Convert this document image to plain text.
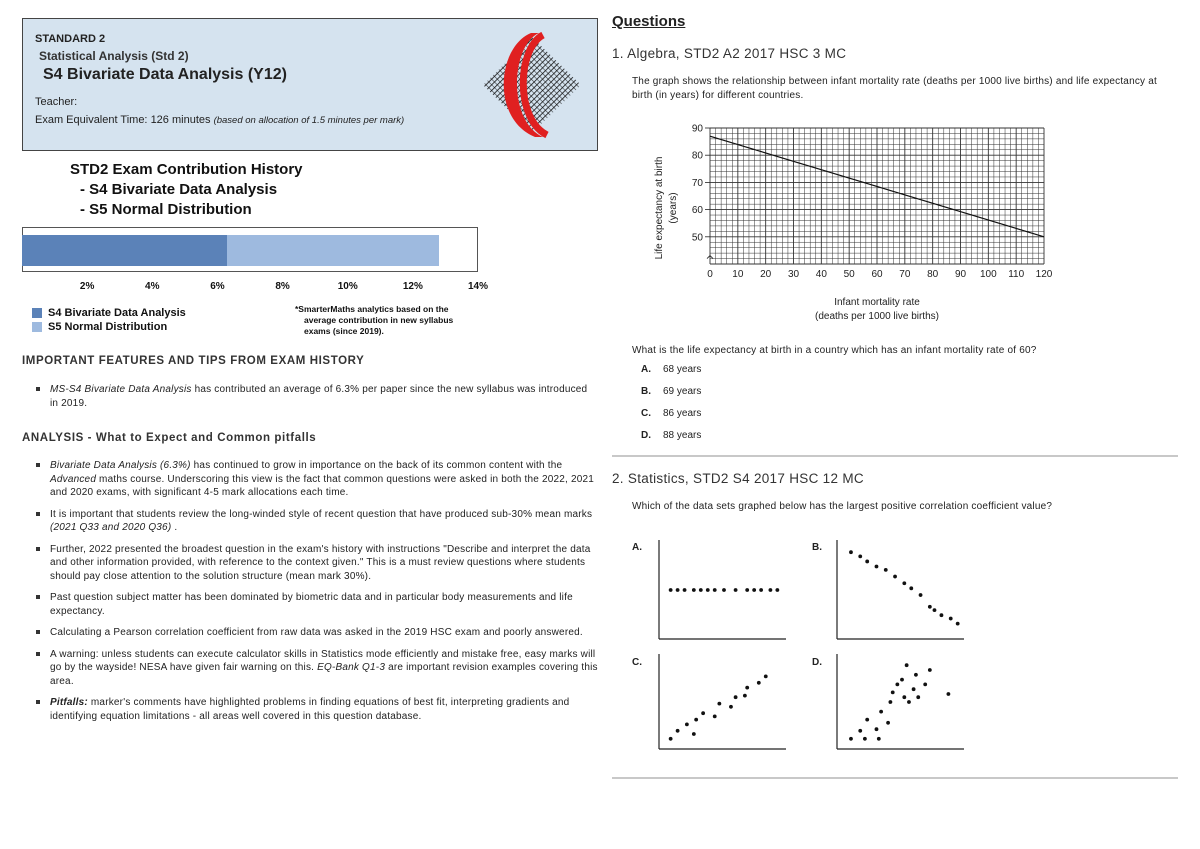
STANDARD 2
Statistical Analysis (Std 2)
S4 Bivariate Data Analysis (Y12)
Teacher:
Exam Equivalent Time: 126 minutes (based on allocation of 1.5 minutes per mark)
STD2 Exam Contribution History
- S4 Bivariate Data Analysis
- S5 Normal Distribution
2%	4%	6%	8%	10%	12%	14%
S4 Bivariate Data Analysis
S5 Normal Distribution
*SmarterMaths analytics based on the
average contribution in new syllabus
exams (since 2019).
IMPORTANT FEATURES AND TIPS FROM EXAM HISTORY
MS-S4 Bivariate Data Analysis has contributed an average of 6.3% per paper since the new syllabus was introduced in 2019.
ANALYSIS - What to Expect and Common pitfalls
Bivariate Data Analysis (6.3%) has continued to grow in importance on the back of its common content with the Advanced maths course. Underscoring this view is the fact that common questions were asked in both the 2022, 2021 and 2020 exams, with significant 4-5 mark allocations each time.
It is important that students review the long-winded style of recent question that have produced sub-30% mean marks (2021 Q33 and 2020 Q36) .
Further, 2022 presented the broadest question in the exam's history with instructions "Describe and interpret the data and other information provided, with reference to the context given." This is a must review questions where students should pay close attention to the solution structure (mean mark 30%).
Past question subject matter has been dominated by biometric data and in particular body measurements and life expectancy.
Calculating a Pearson correlation coefficient from raw data was asked in the 2019 HSC exam and poorly answered.
A warning: unless students can execute calculator skills in Statistics mode efficiently and mistake free, easy marks will go by the wayside! NESA have given fair warning on this. EQ-Bank Q1-3 are important revision examples covering this area.
Pitfalls: marker's comments have highlighted problems in finding equations of best fit, interpreting gradients and identifying equation limitations - all areas well covered in this question database.
Questions
1. Algebra, STD2 A2 2017 HSC 3 MC
The graph shows the relationship between infant mortality rate (deaths per 1000 live births) and life expectancy at birth (in years) for different countries.
0 10 20 30 40 50 60 70 80 90 100 110 120
50
60
70
80
90
Infant mortality rate
(deaths per 1000 live births)
Life expectancy at birth (years)
What is the life expectancy at birth in a country which has an infant mortality rate of 60?
A. 68 years
B. 69 years
C. 86 years
D. 88 years
2. Statistics, STD2 S4 2017 HSC 12 MC
Which of the data sets graphed below has the largest positive correlation coefficient value?
A.	B.
C.	D.
